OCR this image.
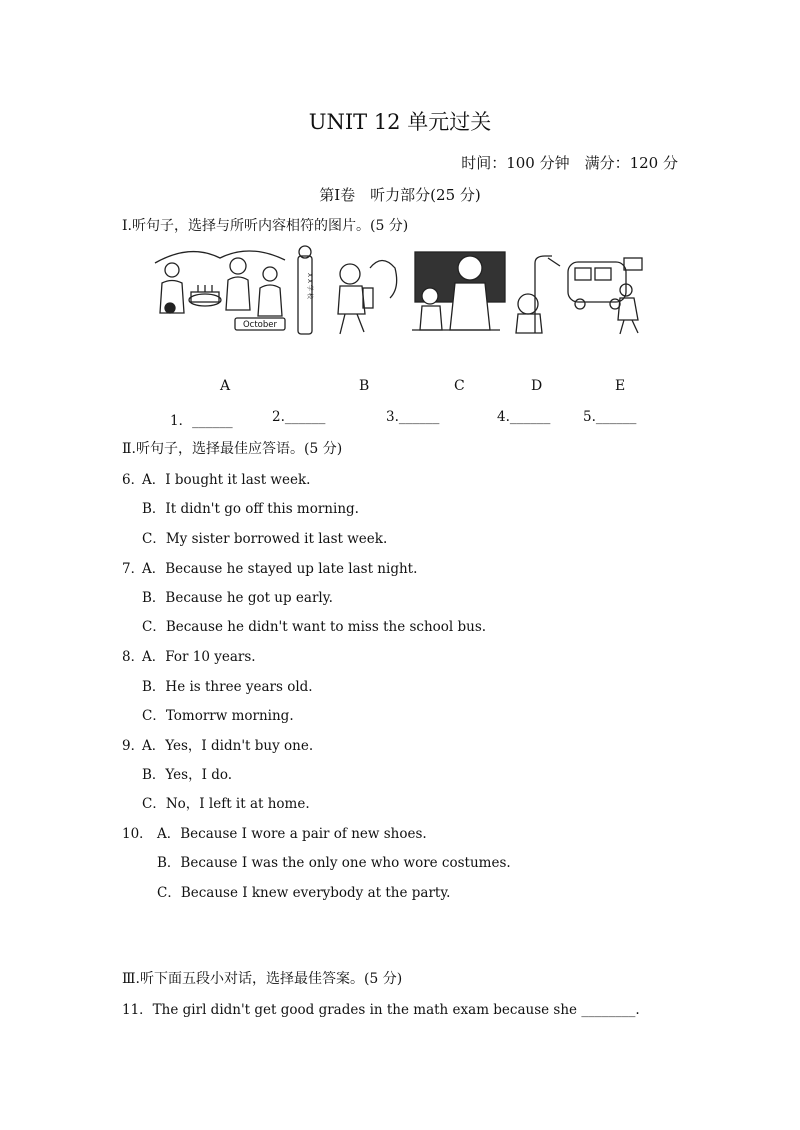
UNIT 12 单元过关
时间：100 分钟　满分：120 分
第Ⅰ卷　听力部分(25 分)
Ⅰ.听句子，选择与所听内容相符的图片。(5 分)
October
X X 学 校
A	B	C	D	E
1．______	2.______	3.______	4.______ 5.______
Ⅱ.听句子，选择最佳应答语。(5 分)
6．
A．I bought it last week.
B．It didn't go off this morning.
C．My sister borrowed it last week.
7．
A．Because he stayed up late last night.
B．Because he got up early.
C．Because he didn't want to miss the school bus.
8．
A．For 10 years.
B．He is three years old.
C．Tomorrw morning.
9．
A．Yes，I didn't buy one.
B．Yes，I do.
C．No，I left it at home.
10． A．Because I wore a pair of new shoes.
B．Because I was the only one who wore costumes.
C．Because I knew everybody at the party.
Ⅲ.听下面五段小对话，选择最佳答案。(5 分)
11．The girl didn't get good grades in the math exam because she ________.
